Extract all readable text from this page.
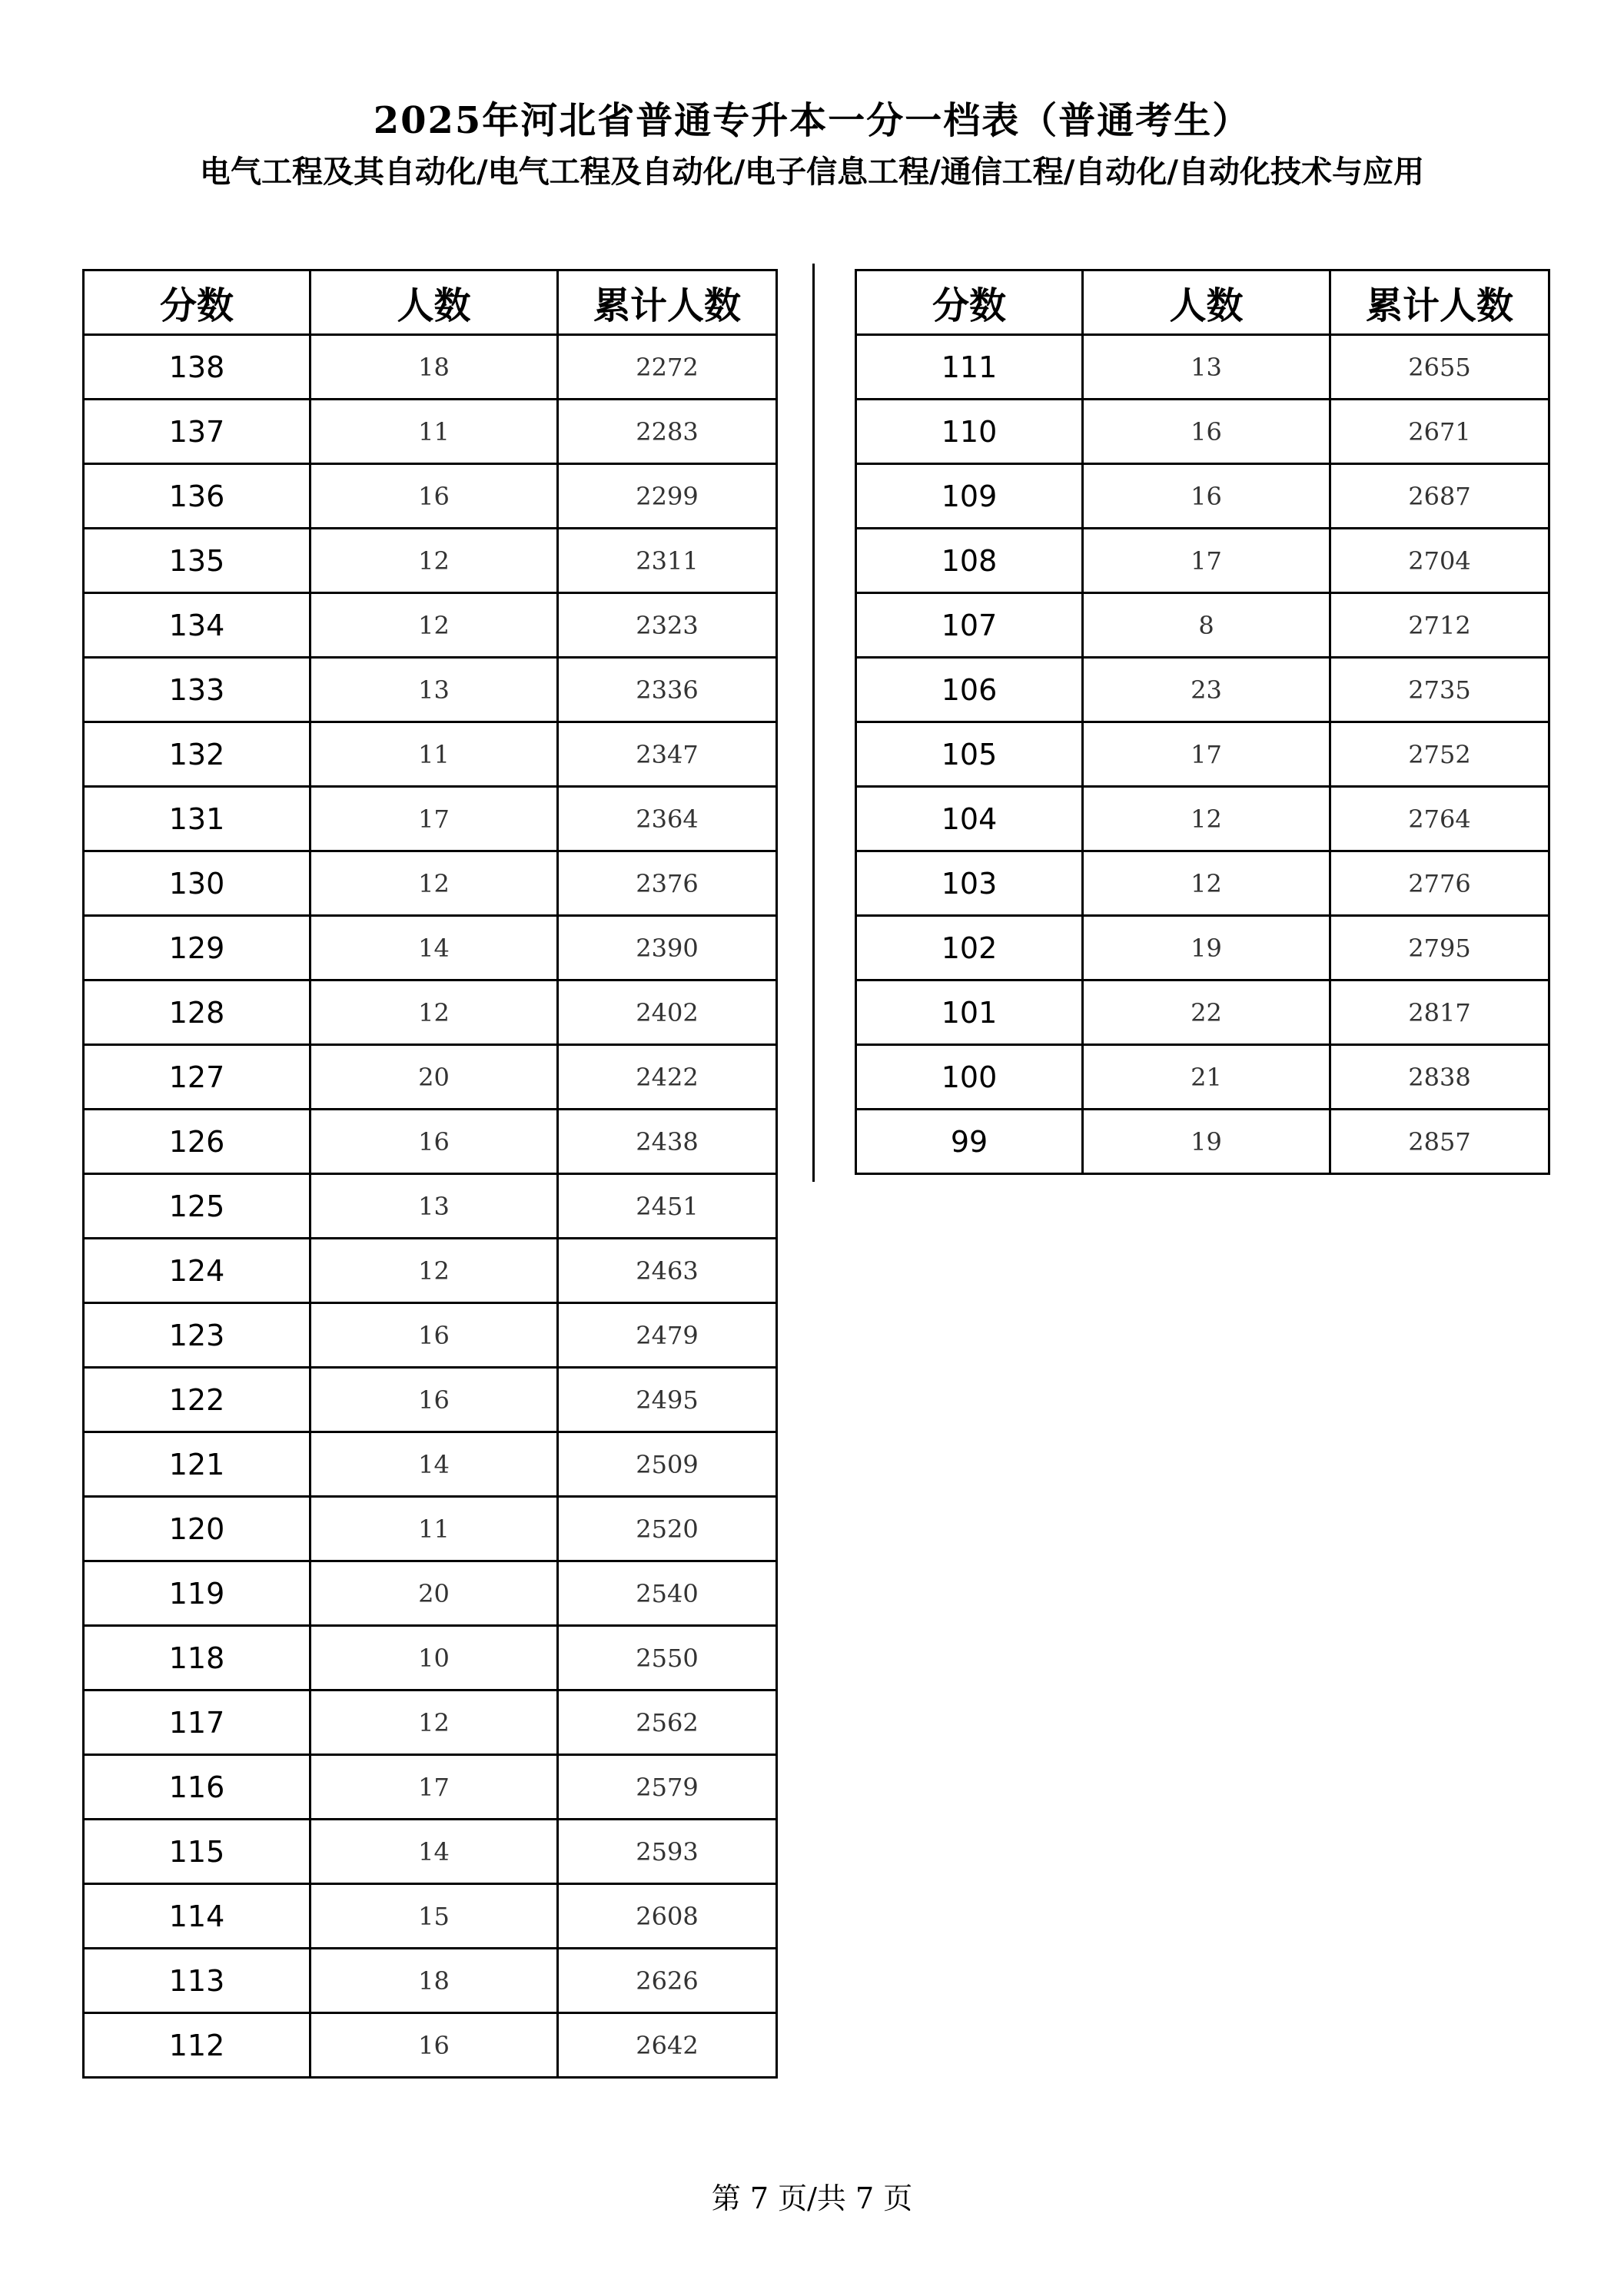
2025年河北省普通专升本一分一档表（普通考生）
电气工程及其自动化/电气工程及自动化/电子信息工程/通信工程/自动化/自动化技术与应用
分数	人数	累计人数
138	18	2272
137	11	2283
136	16	2299
135	12	2311
134	12	2323
133	13	2336
132	11	2347
131	17	2364
130	12	2376
129	14	2390
128	12	2402
127	20	2422
126	16	2438
125	13	2451
124	12	2463
123	16	2479
122	16	2495
121	14	2509
120	11	2520
119	20	2540
118	10	2550
117	12	2562
116	17	2579
115	14	2593
114	15	2608
113	18	2626
112	16	2642
分数	人数	累计人数
111	13	2655
110	16	2671
109	16	2687
108	17	2704
107	8	2712
106	23	2735
105	17	2752
104	12	2764
103	12	2776
102	19	2795
101	22	2817
100	21	2838
99	19	2857
第 7 页/共 7 页
